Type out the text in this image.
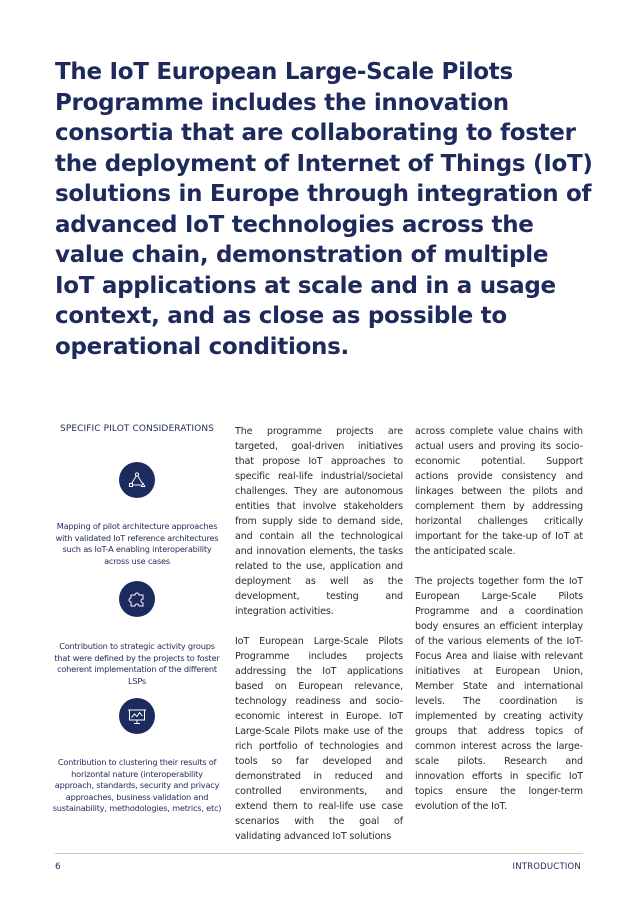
The IoT European Large-Scale Pilots Programme includes the innovation consortia that are collaborating to foster the deployment of Internet of Things (IoT) solutions in Europe through integration of advanced IoT technologies across the value chain, demonstration of multiple IoT applications at scale and in a usage context, and as close as possible to operational conditions.

SPECIFIC PILOT CONSIDERATIONS

Mapping of pilot architecture approaches with validated IoT reference architectures such as IoT-A enabling interoperability across use cases

Contribution to strategic activity groups that were defined by the projects to foster coherent implementation of the different LSPs

Contribution to clustering their results of horizontal nature (interoperability approach, standards, security and privacy approaches, business validation and sustainability, methodologies, metrics, etc)

The programme projects are targeted, goal-driven initiatives that propose IoT approaches to specific real-life industrial/societal challenges. They are autonomous entities that involve stakeholders from supply side to demand side, and contain all the technological and innovation elements, the tasks related to the use, application and deployment as well as the development, testing and integration activities.

IoT European Large-Scale Pilots Programme includes projects addressing the IoT applications based on European relevance, technology readiness and socio-economic interest in Europe. IoT Large-Scale Pilots make use of the rich portfolio of technologies and tools so far developed and demonstrated in reduced and controlled environments, and extend them to real-life use case scenarios with the goal of validating advanced IoT solutions

across complete value chains with actual users and proving its socio-economic potential. Support actions provide consistency and linkages between the pilots and complement them by addressing horizontal challenges critically important for the take-up of IoT at the anticipated scale.

The projects together form the IoT European Large-Scale Pilots Programme and a coordination body ensures an efficient interplay of the various elements of the IoT-Focus Area and liaise with relevant initiatives at European Union, Member State and international levels. The coordination is implemented by creating activity groups that address topics of common interest across the large-scale pilots. Research and innovation efforts in specific IoT topics ensure the longer-term evolution of the IoT.

6	INTRODUCTION
